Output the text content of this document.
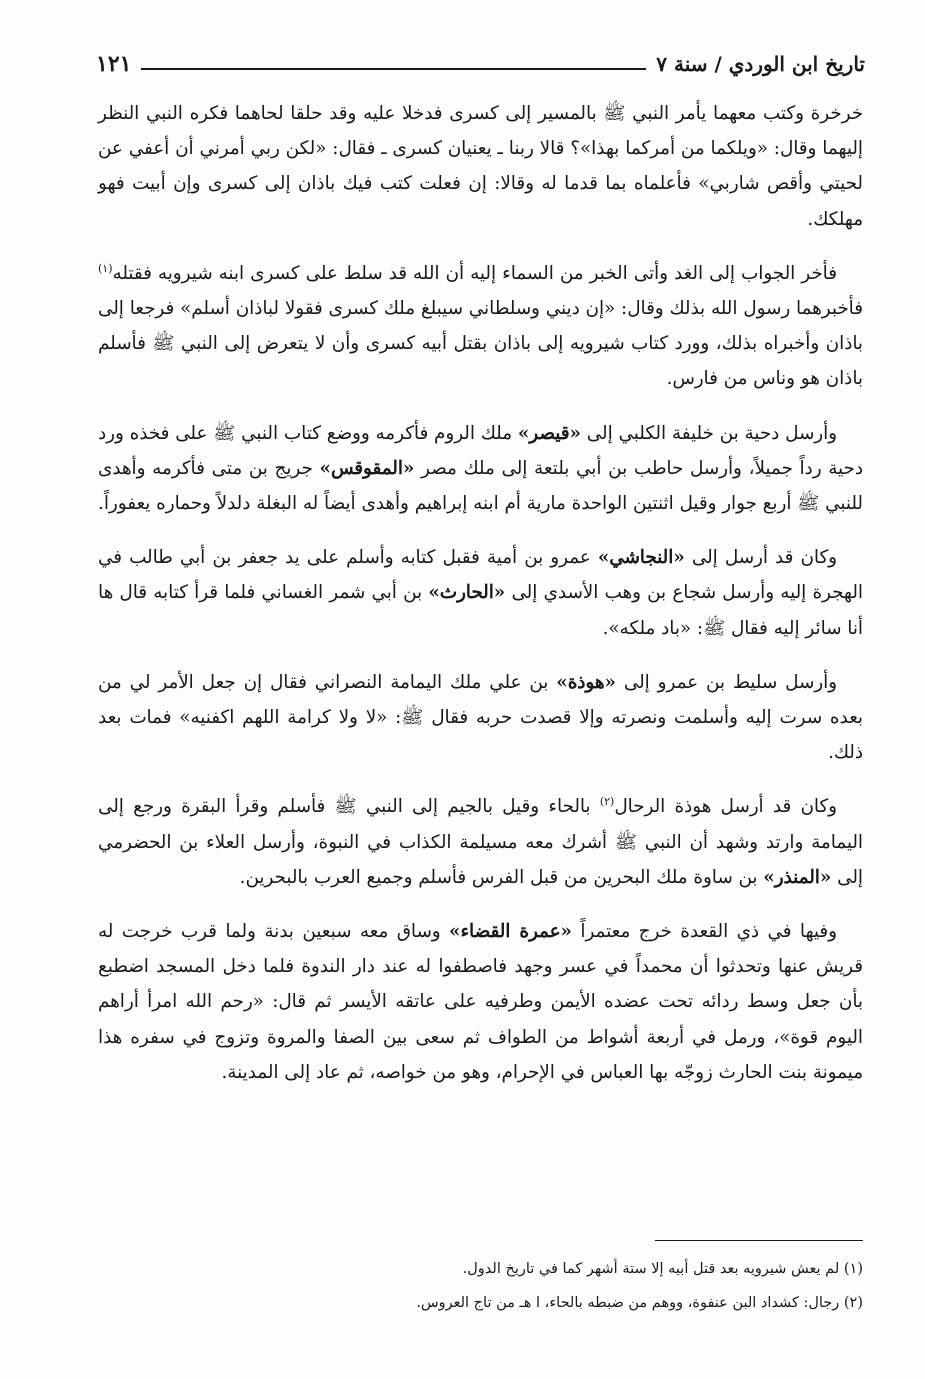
تاريخ ابن الوردي / سنة ٧
١٢١

خرخرة وكتب معهما يأمر النبي ﷺ بالمسير إلى كسرى فدخلا عليه وقد حلقا لحاهما فكره النبي النظر إليهما وقال: «ويلكما من أمركما بهذا»؟ قالا ربنا ـ يعنيان كسرى ـ فقال: «لكن ربي أمرني أن أعفي عن لحيتي وأقص شاربي» فأعلماه بما قدما له وقالا: إن فعلت كتب فيك باذان إلى كسرى وإن أبيت فهو مهلكك.

فأخر الجواب إلى الغد وأتى الخبر من السماء إليه أن الله قد سلط على كسرى ابنه شيرويه فقتله$^{(١)}$ فأخبرهما رسول الله بذلك وقال: «إن ديني وسلطاني سيبلغ ملك كسرى فقولا لباذان أسلم» فرجعا إلى باذان وأخبراه بذلك، وورد كتاب شيرويه إلى باذان بقتل أبيه كسرى وأن لا يتعرض إلى النبي ﷺ فأسلم باذان هو وناس من فارس.

وأرسل دحية بن خليفة الكلبي إلى «قيصر» ملك الروم فأكرمه ووضع كتاب النبي ﷺ على فخذه ورد دحية رداً جميلاً، وأرسل حاطب بن أبي بلتعة إلى ملك مصر «المقوقس» جريج بن متى فأكرمه وأهدى للنبي ﷺ أربع جوار وقيل اثنتين الواحدة مارية أم ابنه إبراهيم وأهدى أيضاً له البغلة دلدلاً وحماره يعفوراً.

وكان قد أرسل إلى «النجاشي» عمرو بن أمية فقبل كتابه وأسلم على يد جعفر بن أبي طالب في الهجرة إليه وأرسل شجاع بن وهب الأسدي إلى «الحارث» بن أبي شمر الغساني فلما قرأ كتابه قال ها أنا سائر إليه فقال ﷺ: «باد ملكه».

وأرسل سليط بن عمرو إلى «هوذة» بن علي ملك اليمامة النصراني فقال إن جعل الأمر لي من بعده سرت إليه وأسلمت ونصرته وإلا قصدت حربه فقال ﷺ: «لا ولا كرامة اللهم اكفنيه» فمات بعد ذلك.

وكان قد أرسل هوذة الرحال$^{(٢)}$ بالحاء وقيل بالجيم إلى النبي ﷺ فأسلم وقرأ البقرة ورجع إلى اليمامة وارتد وشهد أن النبي ﷺ أشرك معه مسيلمة الكذاب في النبوة، وأرسل العلاء بن الحضرمي إلى «المنذر» بن ساوة ملك البحرين من قبل الفرس فأسلم وجميع العرب بالبحرين.

وفيها في ذي القعدة خرج معتمراً «عمرة القضاء» وساق معه سبعين بدنة ولما قرب خرجت له قريش عنها وتحدثوا أن محمداً في عسر وجهد فاصطفوا له عند دار الندوة فلما دخل المسجد اضطبع بأن جعل وسط ردائه تحت عضده الأيمن وطرفيه على عاتقه الأيسر ثم قال: «رحم الله امرأ أراهم اليوم قوة»، ورمل في أربعة أشواط من الطواف ثم سعى بين الصفا والمروة وتزوج في سفره هذا ميمونة بنت الحارث زوجّه بها العباس في الإحرام، وهو من خواصه، ثم عاد إلى المدينة.

(١) لم يعش شيرويه بعد قتل أبيه إلا ستة أشهر كما في تاريخ الدول.

(٢) رجال: كشداد البن عنفوة، ووهم من ضبطه بالحاء، ا هـ من تاج العروس.
